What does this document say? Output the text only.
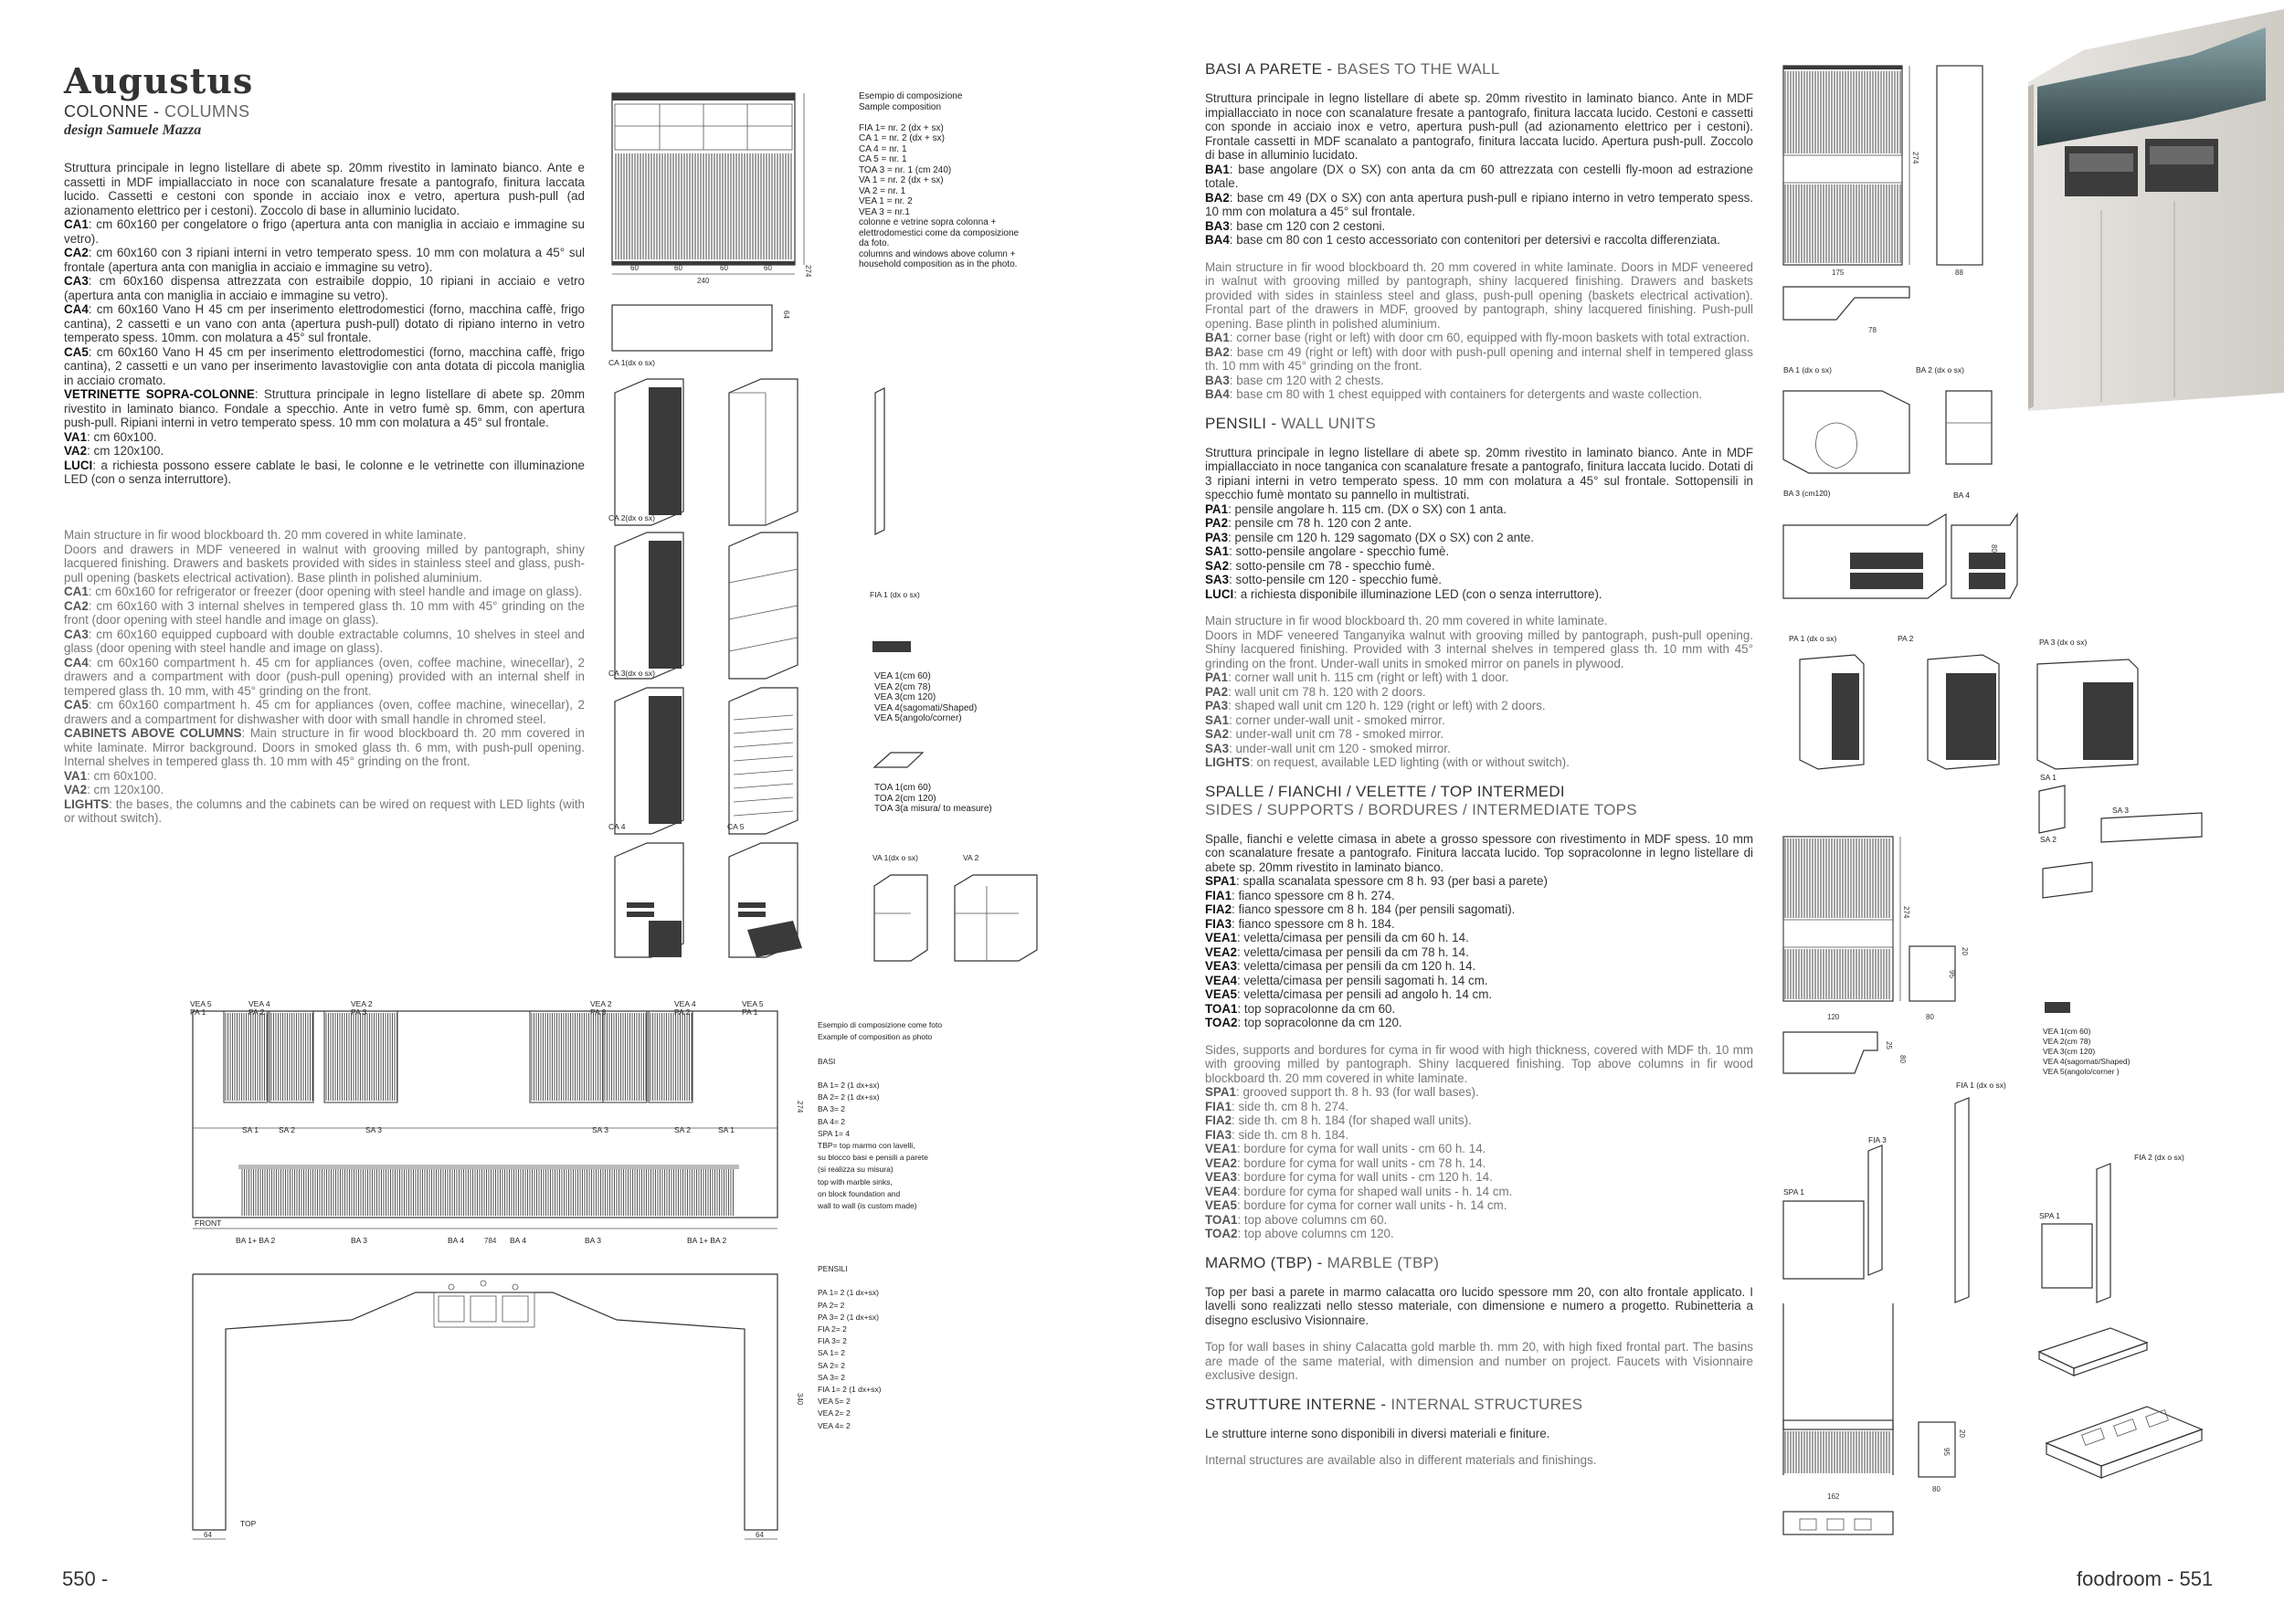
Augustus
COLONNE - COLUMNS
design Samuele Mazza

Struttura principale in legno listellare di abete sp. 20mm rivestito in laminato bianco. Ante e cassetti in MDF impiallacciato in noce con scanalature fresate a pantografo, finitura laccata lucido. Cassetti e cestoni con sponde in acciaio inox e vetro, apertura push-pull (ad azionamento elettrico per i cestoni). Zoccolo di base in alluminio lucidato.

CA1: cm 60x160 per congelatore o frigo (apertura anta con maniglia in acciaio e immagine su vetro).

CA2: cm 60x160 con 3 ripiani interni in vetro temperato spess. 10 mm con molatura a 45° sul frontale (apertura anta con maniglia in acciaio e immagine su vetro).

CA3: cm 60x160 dispensa attrezzata con estraibile doppio, 10 ripiani in acciaio e vetro (apertura anta con maniglia in acciaio e immagine su vetro).

CA4: cm 60x160 Vano H 45 cm per inserimento elettrodomestici (forno, macchina caffè, frigo cantina), 2 cassetti e un vano con anta (apertura push-pull) dotato di ripiano interno in vetro temperato spess. 10mm. con molatura a 45° sul frontale.

CA5: cm 60x160 Vano H 45 cm per inserimento elettrodomestici (forno, macchina caffè, frigo cantina), 2 cassetti e un vano per inserimento lavastoviglie con anta dotata di piccola maniglia in acciaio cromato.

VETRINETTE SOPRA-COLONNE: Struttura principale in legno listellare di abete sp. 20mm rivestito in laminato bianco. Fondale a specchio. Ante in vetro fumè sp. 6mm, con apertura push-pull. Ripiani interni in vetro temperato spess. 10 mm con molatura a 45° sul frontale.

VA1: cm 60x100.

VA2: cm 120x100.

LUCI: a richiesta possono essere cablate le basi, le colonne e le vetrinette con illuminazione LED (con o senza interruttore).

Main structure in fir wood blockboard th. 20 mm covered in white laminate.

Doors and drawers in MDF veneered in walnut with grooving milled by pantograph, shiny lacquered finishing. Drawers and baskets provided with sides in stainless steel and glass, push-pull opening (baskets electrical activation). Base plinth in polished aluminium.

CA1: cm 60x160 for refrigerator or freezer (door opening with steel handle and image on glass).

CA2: cm 60x160 with 3 internal shelves in tempered glass th. 10 mm with 45° grinding on the front (door opening with steel handle and image on glass).

CA3: cm 60x160 equipped cupboard with double extractable columns, 10 shelves in steel and glass (door opening with steel handle and image on glass).

CA4: cm 60x160 compartment h. 45 cm for appliances (oven, coffee machine, winecellar), 2 drawers and a compartment with door (push-pull opening) provided with an internal shelf in tempered glass th. 10 mm, with 45° grinding on the front.

CA5: cm 60x160 compartment h. 45 cm for appliances (oven, coffee machine, winecellar), 2 drawers and a compartment for dishwasher with door with small handle in chromed steel.

CABINETS ABOVE COLUMNS: Main structure in fir wood blockboard th. 20 mm covered in white laminate. Mirror background. Doors in smoked glass th. 6 mm, with push-pull opening. Internal shelves in tempered glass th. 10 mm with 45° grinding on the front.

VA1: cm 60x100.

VA2: cm 120x100.

LIGHTS: the bases, the columns and the cabinets can be wired on request with LED lights (with or without switch).

60	60	60	60
240
274
64
Esempio di composizione
Sample composition

FIA 1= nr. 2 (dx + sx)
CA 1 = nr. 2 (dx + sx)
CA 4 = nr. 1
CA 5 = nr. 1
TOA 3 = nr. 1 (cm 240)
VA 1 = nr. 2 (dx + sx)
VA 2 = nr. 1
VEA 1 = nr. 2
VEA 3 = nr.1
colonne e vetrine sopra colonna +
elettrodomestici come da composizione
da foto.
columns and windows above column +
household composition as in the photo.
CA 1(dx o sx)
CA 2(dx o sx)
FIA 1 (dx o sx)
CA 3(dx o sx)	VEA 1(cm 60)
VEA 2(cm 78)
VEA 3(cm 120)
VEA 4(sagomati/Shaped)
VEA 5(angolo/corner)
TOA 1(cm 60)
TOA 2(cm 120)
TOA 3(a misura/ to measure)
CA 4	CA 5
VA 1(dx o sx)	VA 2
784
274
FRONT
VEA 5
PA 1
VEA 4
PA 2
VEA 2
PA 3
VEA 2
PA 3
VEA 4
PA 2
VEA 5
PA 1
SA 1	SA 2	SA 3	SA 3	SA 2	SA 1
BA 1+ BA 2	BA 3	BA 4	BA 4	BA 3	BA 1+ BA 2
Esempio di composizione come foto
Example of composition as photo

BASI

BA 1= 2 (1 dx+sx)
BA 2= 2 (1 dx+sx)
BA 3= 2
BA 4= 2
SPA 1= 4
TBP= top marmo con lavelli,
su blocco basi e pensili a parete
(si realizza su misura)
top with marble sinks,
on block foundation and
wall to wall (is custom made)
64	64
340
TOP
PENSILI

PA 1= 2 (1 dx+sx)
PA 2= 2
PA 3= 2 (1 dx+sx)
FIA 2= 2
FIA 3= 2
SA 1= 2
SA 2= 2
SA 3= 2
FIA 1= 2 (1 dx+sx)
VEA 5= 2
VEA 2= 2
VEA 4= 2
550 -
BASI A PARETE - BASES TO THE WALL

Struttura principale in legno listellare di abete sp. 20mm rivestito in laminato bianco. Ante in MDF impiallacciato in noce con scanalature fresate a pantografo, finitura laccata lucido. Cestoni e cassetti con sponde in acciaio inox e vetro, apertura push-pull (ad azionamento elettrico per i cestoni). Frontale cassetti in MDF scanalato a pantografo, finitura laccata lucido. Apertura push-pull. Zoccolo di base in alluminio lucidato.

BA1: base angolare (DX o SX) con anta da cm 60 attrezzata con cestelli fly-moon ad estrazione totale.

BA2: base cm 49 (DX o SX) con anta apertura push-pull e ripiano interno in vetro temperato spess. 10 mm con molatura a 45° sul frontale.

BA3: base cm 120 con 2 cestoni.

BA4: base cm 80 con 1 cesto accessoriato con contenitori per detersivi e raccolta differenziata.

Main structure in fir wood blockboard th. 20 mm covered in white laminate. Doors in MDF veneered in walnut with grooving milled by pantograph, shiny lacquered finishing. Drawers and baskets provided with sides in stainless steel and glass, push-pull opening (baskets electrical activation). Frontal part of the drawers in MDF, grooved by pantograph, shiny lacquered finishing. Push-pull opening. Base plinth in polished aluminium.

BA1: corner base (right or left) with door cm 60, equipped with fly-moon baskets with total extraction.

BA2: base cm 49 (right or left) with door with push-pull opening and internal shelf in tempered glass th. 10 mm with 45° grinding on the front.

BA3: base cm 120 with 2 chests.

BA4: base cm 80 with 1 chest equipped with containers for detergents and waste collection.

PENSILI - WALL UNITS

Struttura principale in legno listellare di abete sp. 20mm rivestito in laminato bianco. Ante in MDF impiallacciato in noce tanganica con scanalature fresate a pantografo, finitura laccata lucido. Dotati di 3 ripiani interni in vetro temperato spess. 10 mm con molatura a 45° sul frontale. Sottopensili in specchio fumè montato su pannello in multistrati.

PA1: pensile angolare h. 115 cm. (DX o SX) con 1 anta.

PA2: pensile cm 78 h. 120 con 2 ante.

PA3: pensile cm 120 h. 129 sagomato (DX o SX) con 2 ante.

SA1: sotto-pensile angolare - specchio fumè.

SA2: sotto-pensile cm 78 - specchio fumè.

SA3: sotto-pensile cm 120 - specchio fumè.

LUCI: a richiesta disponibile illuminazione LED (con o senza interruttore).

Main structure in fir wood blockboard th. 20 mm covered in white laminate.

Doors in MDF veneered Tanganyika walnut with grooving milled by pantograph, push-pull opening. Shiny lacquered finishing. Provided with 3 internal shelves in tempered glass th. 10 mm with 45° grinding on the front. Under-wall units in smoked mirror on panels in plywood.

PA1: corner wall unit h. 115 cm (right or left) with 1 door.

PA2: wall unit cm 78 h. 120 with 2 doors.

PA3: shaped wall unit cm 120 h. 129 (right or left) with 2 doors.

SA1: corner under-wall unit - smoked mirror.

SA2: under-wall unit cm 78 - smoked mirror.

SA3: under-wall unit cm 120 - smoked mirror.

LIGHTS: on request, available LED lighting (with or without switch).

SPALLE / FIANCHI / VELETTE / TOP INTERMEDI
SIDES / SUPPORTS / BORDURES / INTERMEDIATE TOPS

Spalle, fianchi e velette cimasa in abete a grosso spessore con rivestimento in MDF spess. 10 mm con scanalature fresate a pantografo. Finitura laccata lucido. Top sopracolonne in legno listellare di abete sp. 20mm rivestito in laminato bianco.

SPA1: spalla scanalata spessore cm 8 h. 93 (per basi a parete)

FIA1: fianco spessore cm 8 h. 274.

FIA2: fianco spessore cm 8 h. 184 (per pensili sagomati).

FIA3: fianco spessore cm 8 h. 184.

VEA1: veletta/cimasa per pensili da cm 60 h. 14.

VEA2: veletta/cimasa per pensili da cm 78 h. 14.

VEA3: veletta/cimasa per pensili da cm 120 h. 14.

VEA4: veletta/cimasa per pensili sagomati h. 14 cm.

VEA5: veletta/cimasa per pensili ad angolo h. 14 cm.

TOA1: top sopracolonne da cm 60.

TOA2: top sopracolonne da cm 120.

Sides, supports and bordures for cyma in fir wood with high thickness, covered with MDF th. 10 mm with grooving milled by pantograph. Shiny lacquered finishing. Top above columns in fir wood blockboard th. 20 mm covered in white laminate.

SPA1: grooved support th. 8 h. 93 (for wall bases).

FIA1: side th. cm 8 h. 274.

FIA2: side th. cm 8 h. 184 (for shaped wall units).

FIA3: side th. cm 8 h. 184.

VEA1: bordure for cyma for wall units - cm 60 h. 14.

VEA2: bordure for cyma for wall units - cm 78 h. 14.

VEA3: bordure for cyma for wall units - cm 120 h. 14.

VEA4: bordure for cyma for shaped wall units - h. 14 cm.

VEA5: bordure for cyma for corner wall units - h. 14 cm.

TOA1: top above columns cm 60.

TOA2: top above columns cm 120.

MARMO (TBP) - MARBLE (TBP)

Top per basi a parete in marmo calacatta oro lucido spessore mm 20, con alto frontale applicato. I lavelli sono realizzati nello stesso materiale, con dimensione e numero a progetto. Rubinetteria a disegno esclusivo Visionnaire.

Top for wall bases in shiny Calacatta gold marble th. mm 20, with high fixed frontal part. The basins are made of the same material, with dimension and number on project. Faucets with Visionnaire exclusive design.

STRUTTURE INTERNE - INTERNAL STRUCTURES

Le strutture interne sono disponibili in diversi materiali e finiture.

Internal structures are available also in different materials and finishings.

274
175	88
80
78
BA 1 (dx o sx)	BA 2 (dx o sx)
BA 3 (cm120)	BA 4
PA 1 (dx o sx)	PA 2	PA 3 (dx o sx)
SA 1
SA 3
SA 2
274
20
95
120	80
25
80
VEA 1(cm 60)
VEA 2(cm 78)
VEA 3(cm 120)
VEA 4(sagomati/Shaped)
VEA 5(angolo/corner )
FIA 1 (dx o sx)
FIA 3
FIA 2 (dx o sx)
SPA 1
SPA 1
20
95
162
80
foodroom - 551
